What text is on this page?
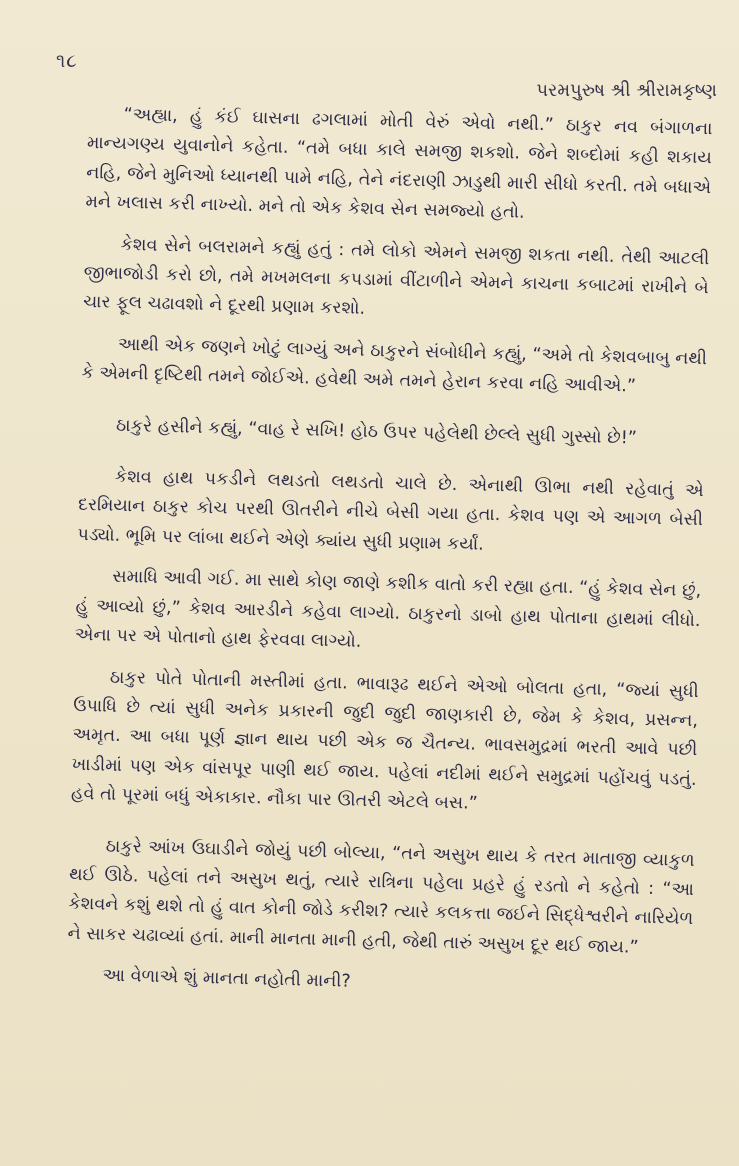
૧૮
પરમપુરુષ શ્રી શ્રીરામકૃષ્ણ

“અહ્યા, હું કંઈ ઘાસના ઢગલામાં મોતી વેરું એવો નથી.” ઠાકુર નવ બંગાળના માન્યગણ્ય યુવાનોને કહેતા. “તમે બધા કાલે સમજી શકશો. જેને શબ્દોમાં કહી શકાય નહિ, જેને મુનિઓ ધ્યાનથી પામે નહિ, તેને નંદરાણી ઝાડુથી મારી સીધો કરતી. તમે બધાએ મને ખલાસ કરી નાખ્યો. મને તો એક કેશવ સેન સમજ્યો હતો.

કેશવ સેને બલરામને કહ્યું હતું : તમે લોકો એમને સમજી શકતા નથી. તેથી આટલી જીભાજોડી કરો છો, તમે મખમલના કપડામાં વીંટાળીને એમને કાચના કબાટમાં રાખીને બે ચાર ફૂલ ચઢાવશો ને દૂરથી પ્રણામ કરશો.

આથી એક જણને ખોટું લાગ્યું અને ઠાકુરને સંબોધીને કહ્યું, “અમે તો કેશવબાબુ નથી કે એમની દૃષ્ટિથી તમને જોઈએ. હવેથી અમે તમને હેરાન કરવા નહિ આવીએ.”

ઠાકુરે હસીને કહ્યું, “વાહ રે સખિ! હોઠ ઉપર પહેલેથી છેલ્લે સુધી ગુસ્સો છે!”

કેશવ હાથ પકડીને લથડતો લથડતો ચાલે છે. એનાથી ઊભા નથી રહેવાતું એ દરમિયાન ઠાકુર કોચ પરથી ઊતરીને નીચે બેસી ગયા હતા. કેશવ પણ એ આગળ બેસી પડ્યો. ભૂમિ પર લાંબા થઈને એણે ક્યાંય સુધી પ્રણામ કર્યાં.

સમાધિ આવી ગઈ. મા સાથે કોણ જાણે કશીક વાતો કરી રહ્યા હતા. “હું કેશવ સેન છું, હું આવ્યો છું,” કેશવ આરડીને કહેવા લાગ્યો. ઠાકુરનો ડાબો હાથ પોતાના હાથમાં લીધો. એના પર એ પોતાનો હાથ ફેરવવા લાગ્યો.

ઠાકુર પોતે પોતાની મસ્તીમાં હતા. ભાવારૂઢ થઈને એઓ બોલતા હતા, “જ્યાં સુધી ઉપાધિ છે ત્યાં સુધી અનેક પ્રકારની જુદી જુદી જાણકારી છે, જેમ કે કેશવ, પ્રસન્ન, અમૃત. આ બધા પૂર્ણ જ્ઞાન થાય પછી એક જ ચૈતન્ય. ભાવસમુદ્રમાં ભરતી આવે પછી ખાડીમાં પણ એક વાંસપૂર પાણી થઈ જાય. પહેલાં નદીમાં થઈને સમુદ્રમાં પહોંચવું પડતું. હવે તો પૂરમાં બધું એકાકાર. નૌકા પાર ઊતરી એટલે બસ.”

ઠાકુરે આંખ ઉઘાડીને જોયું પછી બોલ્યા, “તને અસુખ થાય કે તરત માતાજી વ્યાકુળ થઈ ઊઠે. પહેલાં તને અસુખ થતું, ત્યારે રાત્રિના પહેલા પ્રહરે હું રડતો ને કહેતો : “આ કેશવને કશું થશે તો હું વાત કોની જોડે કરીશ? ત્યારે કલકત્તા જઈને સિદ્ધેશ્વરીને નારિયેળ ને સાકર ચઢાવ્યાં હતાં. માની માનતા માની હતી, જેથી તારું અસુખ દૂર થઈ જાય.”

આ વેળાએ શું માનતા નહોતી માની?
